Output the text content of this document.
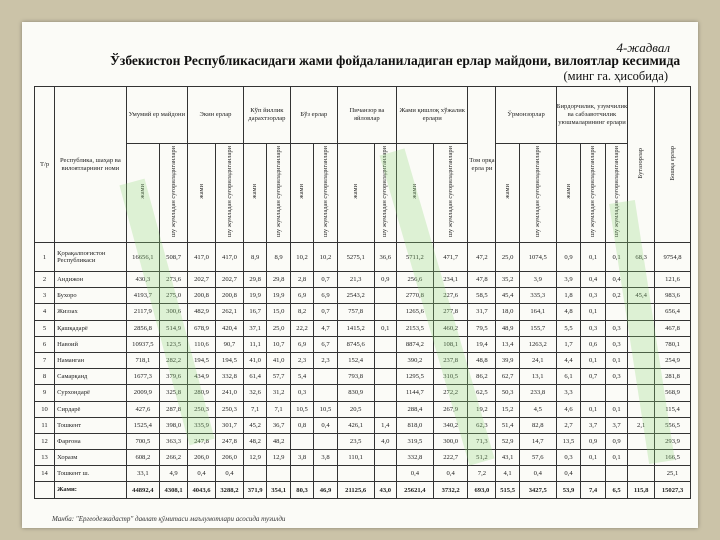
4-жадвал
Ўзбекистон Республикасидаги жами фойдаланиладиган ерлар майдони, вилоятлар кесимида
(минг га. ҳисобида)
Т/р	Республика, шаҳар ва вилоятларнинг номи	Умумий ер майдони		Экин ерлар		Кўп йиллик дарахтзорлар		Бўз ерлар		Пичанзор ва яйловлар		Жами қишлоқ хўжалик ерлари		Том орқа ерла ри	Ўрмонзорлар		Бирдорчилик, узумчилик ва сабзавотчилик уюшмаларининг ерлари			Бутазорлар	Бошқа ерлар
		жами	шу жумладан суғориладиганлари	жами	шу жумладан суғориладиганлари	жами	шу жумладан суғориладиганлари	жами	шу жумладан суғориладиганлари	жами	шу жумладан суғориладиганлари	жами	шу жумладан суғориладиганлари		жами	шу жумладан суғориладиганлари	жами	шу жумладан суғориладиганлари	шу жумладан суғориладиганлари		
1	Қорақалпоғистон Республикаси	16656,1	508,7	417,0	417,0	8,9	8,9	10,2	10,2	5275,1	36,6	5711,2	471,7	47,2	25,0	1074,5	0,9	0,1	0,1	68,3	9754,8
2	Андижон	430,3	273,6	202,7	202,7	29,8	29,8	2,8	0,7	21,3	0,9	256,6	234,1	47,8	35,2	3,9	3,9	0,4	0,4		121,6
3	Бухоро	4193,7	275,0	200,8	200,8	19,9	19,9	6,9	6,9	2543,2		2770,8	227,6	58,5	45,4	335,3	1,8	0,3	0,2	45,4	983,6
4	Жиззах	2117,9	300,6	482,9	262,1	16,7	15,0	8,2	0,7	757,8		1265,6	277,8	31,7	18,0	164,1	4,8	0,1			656,4
5	Қашқадарё	2856,8	514,9	678,9	420,4	37,1	25,0	22,2	4,7	1415,2	0,1	2153,5	460,2	79,5	48,9	155,7	5,5	0,3	0,3		467,8
6	Навоий	10937,5	123,5	110,6	90,7	11,1	10,7	6,9	6,7	8745,6		8874,2	108,1	19,4	13,4	1263,2	1,7	0,6	0,3		780,1
7	Наманган	718,1	282,2	194,5	194,5	41,0	41,0	2,3	2,3	152,4		390,2	237,8	48,8	39,9	24,1	4,4	0,1	0,1		254,9
8	Самарқанд	1677,3	379,6	434,9	332,8	61,4	57,7	5,4		793,8		1295,5	310,5	86,2	62,7	13,1	6,1	0,7	0,3		281,8
9	Сурхондарё	2009,9	325,8	280,9	241,0	32,6	31,2	0,3		830,9		1144,7	272,2	62,5	50,3	233,8	3,3				568,9
10	Сирдарё	427,6	287,8	250,3	250,3	7,1	7,1	10,5	10,5	20,5		288,4	267,9	19,2	15,2	4,5	4,6	0,1	0,1		115,4
11	Тошкент	1525,4	398,0	335,9	301,7	45,2	36,7	0,8	0,4	426,1	1,4	818,0	340,2	62,3	51,4	82,8	2,7	3,7	3,7	2,1	556,5
12	Фарғона	700,5	363,3	247,8	247,8	48,2	48,2			23,5	4,0	319,5	300,0	71,3	52,9	14,7	13,5	0,9	0,9		293,9
13	Хоразм	608,2	266,2	206,0	206,0	12,9	12,9	3,8	3,8	110,1		332,8	222,7	51,2	43,1	57,6	0,3	0,1	0,1		166,5
14	Тошкент ш.	33,1	4,9	0,4	0,4							0,4	0,4	7,2	4,1	0,4	0,4				25,1
	Жами:	44892,4	4308,1	4043,6	3288,2	371,9	354,1	80,3	46,9	21125,6	43,0	25621,4	3732,2	693,0	515,5	3427,5	53,9	7,4	6,5	115,8	15027,3
Манба: "Ергеодезкадастр" давлат қўмитаси маълумотлари асосида тузилди
